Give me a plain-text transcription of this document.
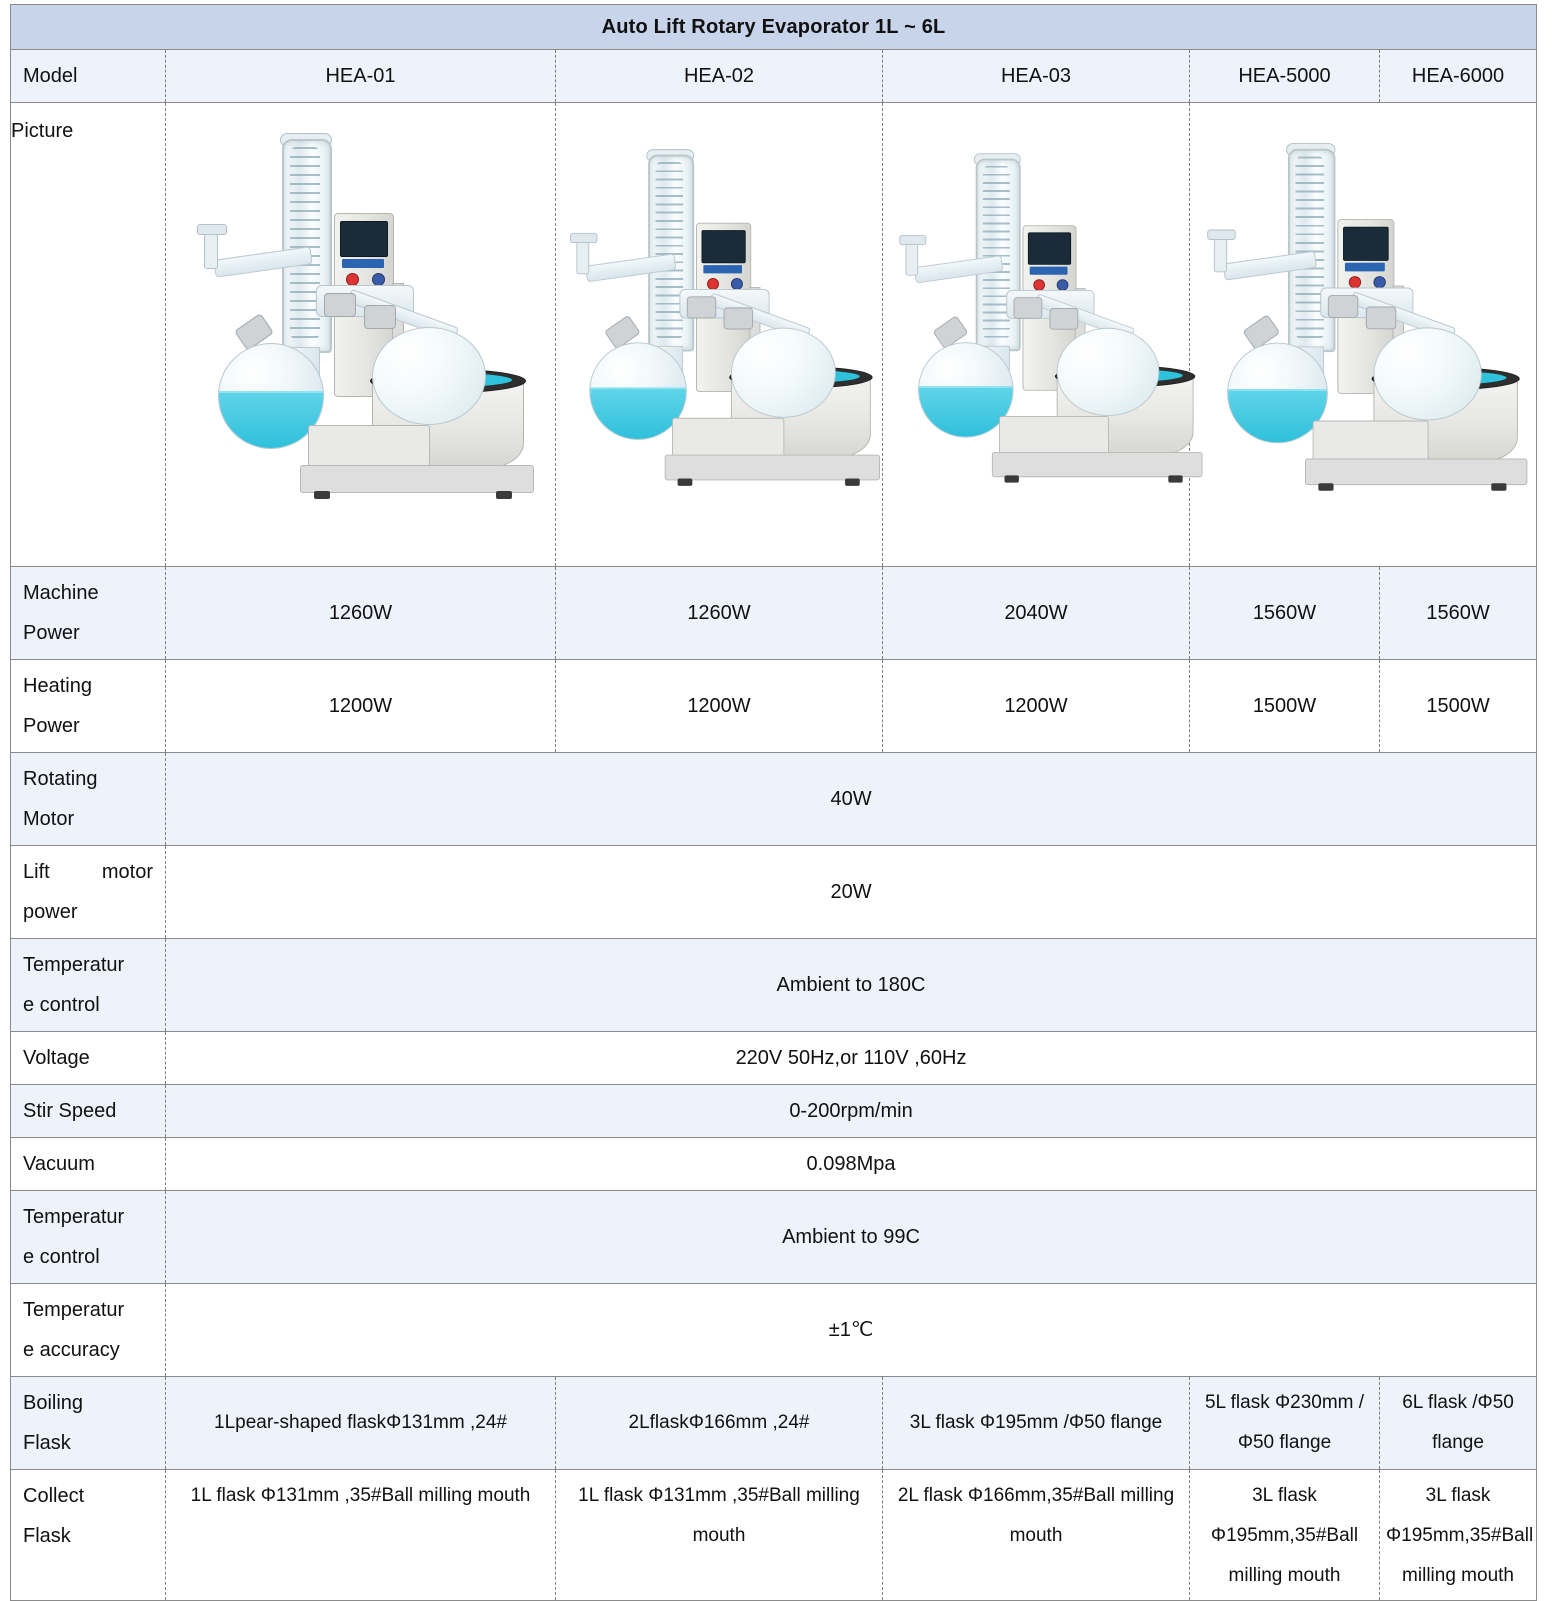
Auto Lift Rotary Evaporator 1L ~ 6L					
Model	HEA-01	HEA-02	HEA-03	HEA-5000	HEA-6000
Picture		

Machine
Power	1260W	1260W	2040W	1560W	1560W

Heating
Power	1200W	1200W	1200W	1500W	1500W

Rotating
Motor	40W				

Lift motor
power	20W				

Temperatur
e control	Ambient to 180C				
Voltage	220V 50Hz,or 110V ,60Hz				
Stir Speed	0-200rpm/min				
Vacuum	0.098Mpa				

Temperatur
e control	Ambient to 99C				

Temperatur
e accuracy	±1℃				

Boiling
Flask	1Lpear-shaped flaskΦ131mm ,24#	2LflaskΦ166mm ,24#	3L flask Φ195mm /Φ50 flange	5L flask Φ230mm /Φ50 flange	6L flask /Φ50 flange

Collect
Flask	1L flask Φ131mm ,35#Ball milling mouth	1L flask Φ131mm ,35#Ball milling mouth	2L flask Φ166mm,35#Ball milling mouth	3L flask Φ195mm,35#Ball milling mouth	3L flask Φ195mm,35#Ball milling mouth
